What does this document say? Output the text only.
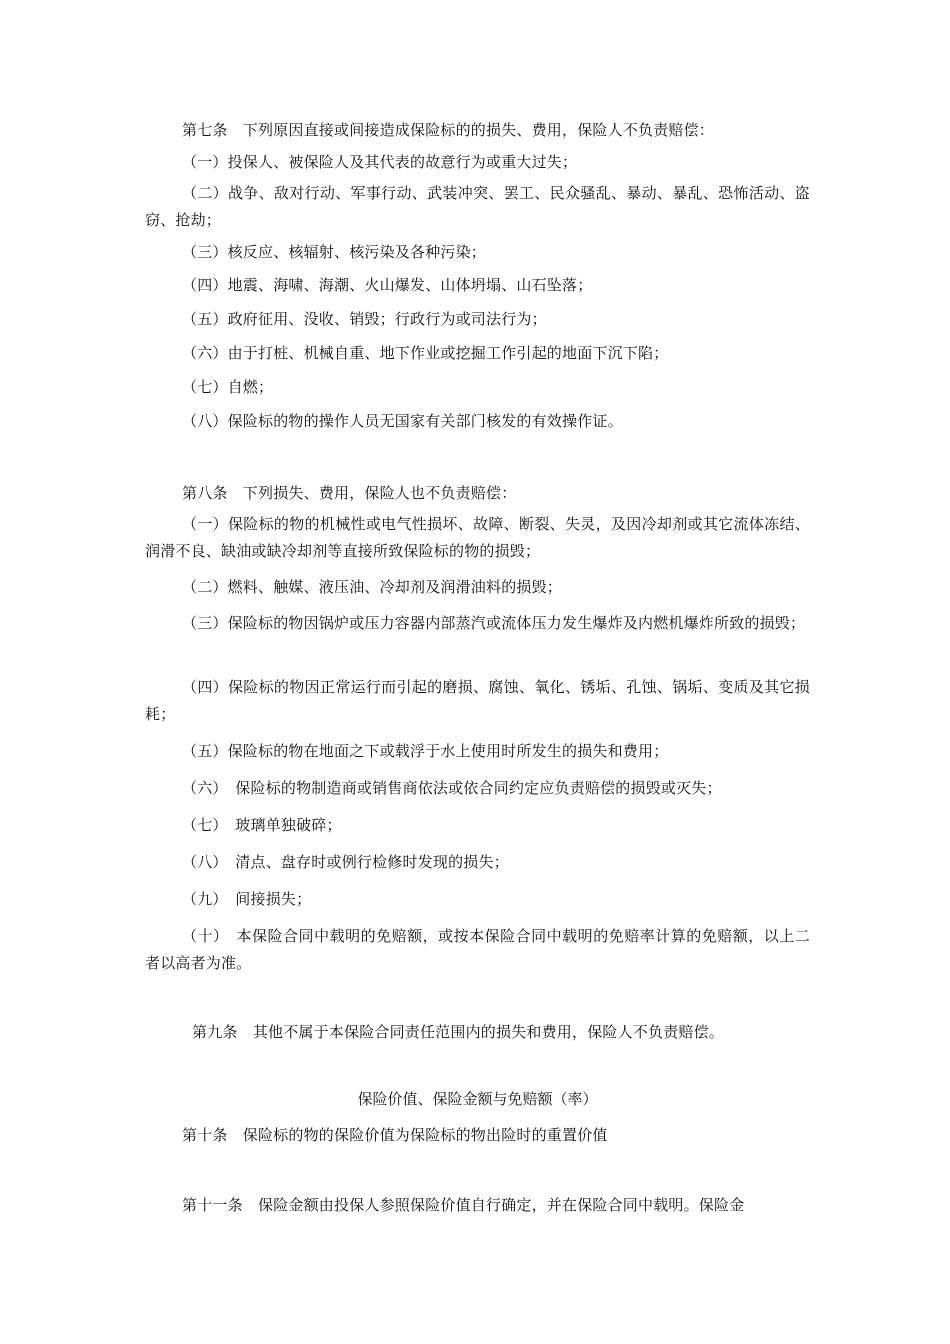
第七条　下列原因直接或间接造成保险标的的损失、费用，保险人不负责赔偿：
（一）投保人、被保险人及其代表的故意行为或重大过失；
（二）战争、敌对行动、军事行动、武装冲突、罢工、民众骚乱、暴动、暴乱、恐怖活动、盗窃、抢劫；
（三）核反应、核辐射、核污染及各种污染；
（四）地震、海啸、海潮、火山爆发、山体坍塌、山石坠落；
（五）政府征用、没收、销毁；行政行为或司法行为；
（六）由于打桩、机械自重、地下作业或挖掘工作引起的地面下沉下陷；
（七）自燃；
（八）保险标的物的操作人员无国家有关部门核发的有效操作证。
第八条　下列损失、费用，保险人也不负责赔偿：
（一）保险标的物的机械性或电气性损坏、故障、断裂、失灵，及因冷却剂或其它流体冻结、润滑不良、缺油或缺冷却剂等直接所致保险标的物的损毁；
（二）燃料、触媒、液压油、冷却剂及润滑油料的损毁；
（三）保险标的物因锅炉或压力容器内部蒸汽或流体压力发生爆炸及内燃机爆炸所致的损毁；
（四）保险标的物因正常运行而引起的磨损、腐蚀、氧化、锈垢、孔蚀、锅垢、变质及其它损耗；
（五）保险标的物在地面之下或载浮于水上使用时所发生的损失和费用；
（六）　保险标的物制造商或销售商依法或依合同约定应负责赔偿的损毁或灭失；
（七）　玻璃单独破碎；
（八）　清点、盘存时或例行检修时发现的损失；
（九）　间接损失；
（十）　本保险合同中载明的免赔额，或按本保险合同中载明的免赔率计算的免赔额，以上二者以高者为准。
第九条　其他不属于本保险合同责任范围内的损失和费用，保险人不负责赔偿。
保险价值、保险金额与免赔额（率）
第十条　保险标的物的保险价值为保险标的物出险时的重置价值
第十一条　保险金额由投保人参照保险价值自行确定，并在保险合同中载明。保险金
